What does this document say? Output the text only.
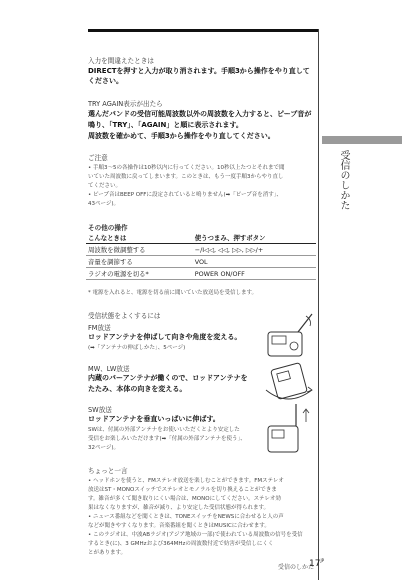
受信のしかた
入力を間違えたときは
DIRECTを押すと入力が取り消されます。手順3から操作をやり直して
ください。
TRY AGAIN表示が出たら
選んだバンドの受信可能周波数以外の周波数を入力すると、ピープ音が
鳴り、「TRY」、「AGAIN」と順に表示されます。
周波数を確かめて、手順3から操作をやり直してください。
ご注意
• 手順3〜5の各操作は10秒以内に行ってください。10秒以上たつとそれまで聞
いていた周波数に戻ってしまいます。このときは、もう一度手順3からやり直し
てください。
• ピープ音はBEEP OFFに設定されていると鳴りません(➡「ピープ音を消す」、
43ページ)。
その他の操作
こんなときは	使うつまみ、押すボタン
周波数を微調整する	−/I◁◁, ◁◁, ▷▷, ▷▷/+
音量を調節する	VOL
ラジオの電源を切る*	POWER ON/OFF
* 電源を入れると、電源を切る前に聞いていた放送局を受信します。
受信状態をよくするには
FM放送
ロッドアンテナを伸ばして向きや角度を変える。
(➡「アンテナの伸ばしかた」、5ページ)
MW、LW放送
内蔵のバーアンテナが働くので、ロッドアンテナを
たたみ、本体の向きを変える。
SW放送
ロッドアンテナを垂直いっぱいに伸ばす。
SWは、付属の外部アンテナをお使いいただくとより安定した
受信をお楽しみいただけます(➡「付属の外部アンテナを使う」、
32ページ)。
ちょっと一言
• ヘッドホンを使うと、FMステレオ放送を楽しむことができます。FMステレオ
放送はST・MONOスイッチでステレオとモノラルを切り換えることができま
す。雑音が多くて聞き取りにくい場合は、MONOにしてください。ステレオ効
果はなくなりますが、雑音が減り、より安定した受信状態が得られます。
• ニュース番組などを聞くときは、TONEスイッチをNEWSに合わせると人の声
などが聞きやすくなります。音楽番組を聞くときはMUSICに合わせます。
• このラジオは、中波ABラジオ(アジア地域の一部)で使われている周波数の信号を受信
するとき(に)、3 GMHzおよび364MHzの周波数付近で妨害が受信しにくく
とがあります。
受信のしかた
$17^{JP}$
